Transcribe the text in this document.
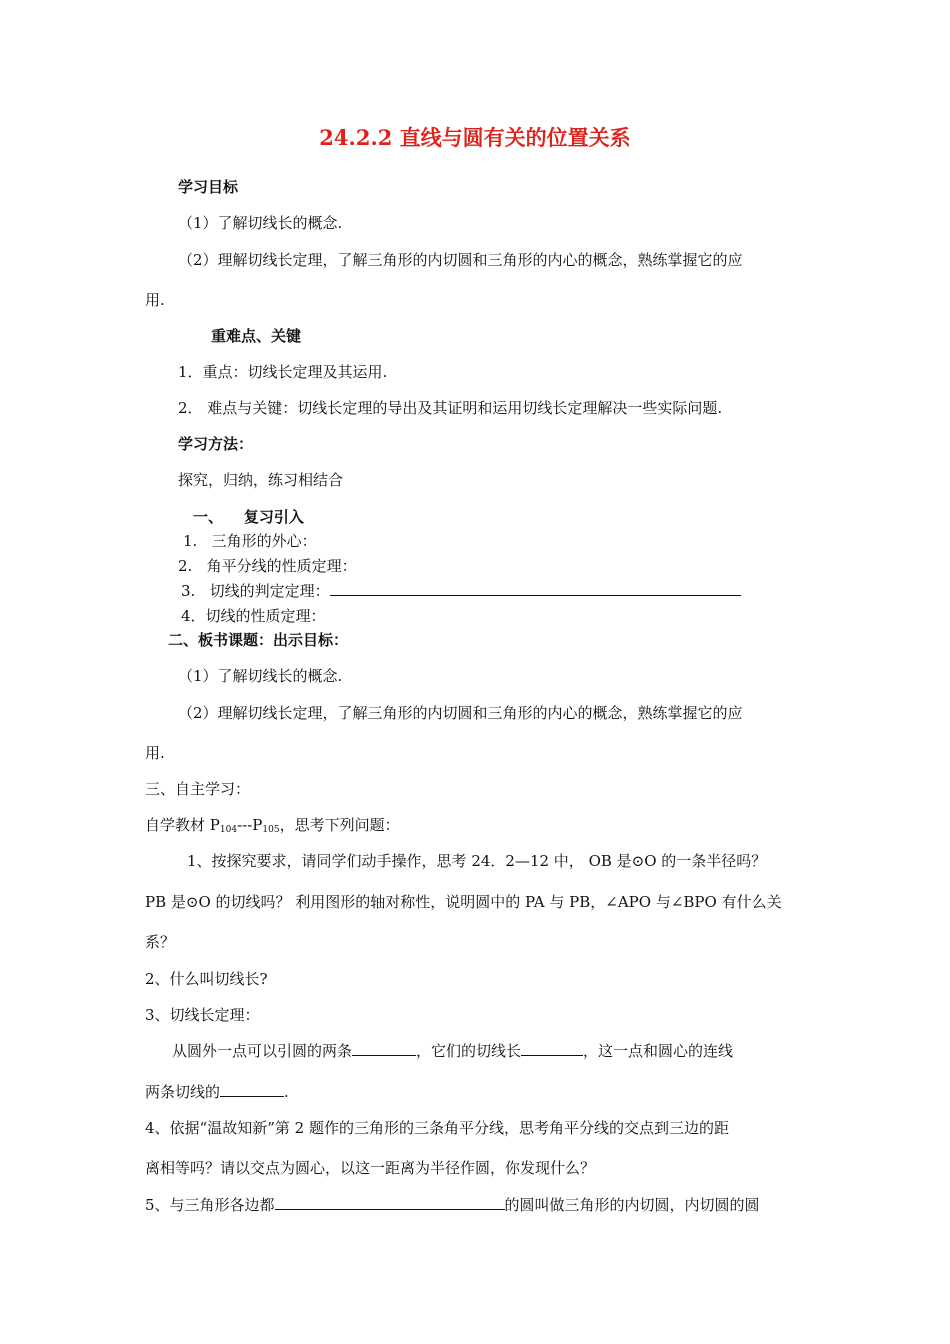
24.2.2 直线与圆有关的位置关系
学习目标
（1）了解切线长的概念.
（2）理解切线长定理，了解三角形的内切圆和三角形的内心的概念，熟练掌握它的应
用.
重难点、关键
1．重点：切线长定理及其运用.
2． 难点与关键：切线长定理的导出及其证明和运用切线长定理解决一些实际问题.
学习方法：
探究，归纳，练习相结合
一、    复习引入
1.   三角形的外心：
2.   角平分线的性质定理：
3.   切线的判定定理：
4．切线的性质定理：
二、板书课题：出示目标：
（1）了解切线长的概念.
（2）理解切线长定理，了解三角形的内切圆和三角形的内心的概念，熟练掌握它的应
用.
三、自主学习：
自学教材 $P_{104}---P_{105}$，思考下列问题：
1、按探究要求，请同学们动手操作，思考 24．2—12 中， OB 是⊙O 的一条半径吗？
PB 是⊙O 的切线吗？ 利用图形的轴对称性，说明圆中的 PA 与 PB，∠APO 与∠BPO 有什么关
系？
2、什么叫切线长?
3、切线长定理：
从圆外一点可以引圆的两条	，它们的切线长	，这一点和圆心的连线
两条切线的	.
4、依据“温故知新”第 2 题作的三角形的三条角平分线，思考角平分线的交点到三边的距
离相等吗？请以交点为圆心，以这一距离为半径作圆，你发现什么？
5、与三角形各边都	的圆叫做三角形的内切圆，内切圆的圆
